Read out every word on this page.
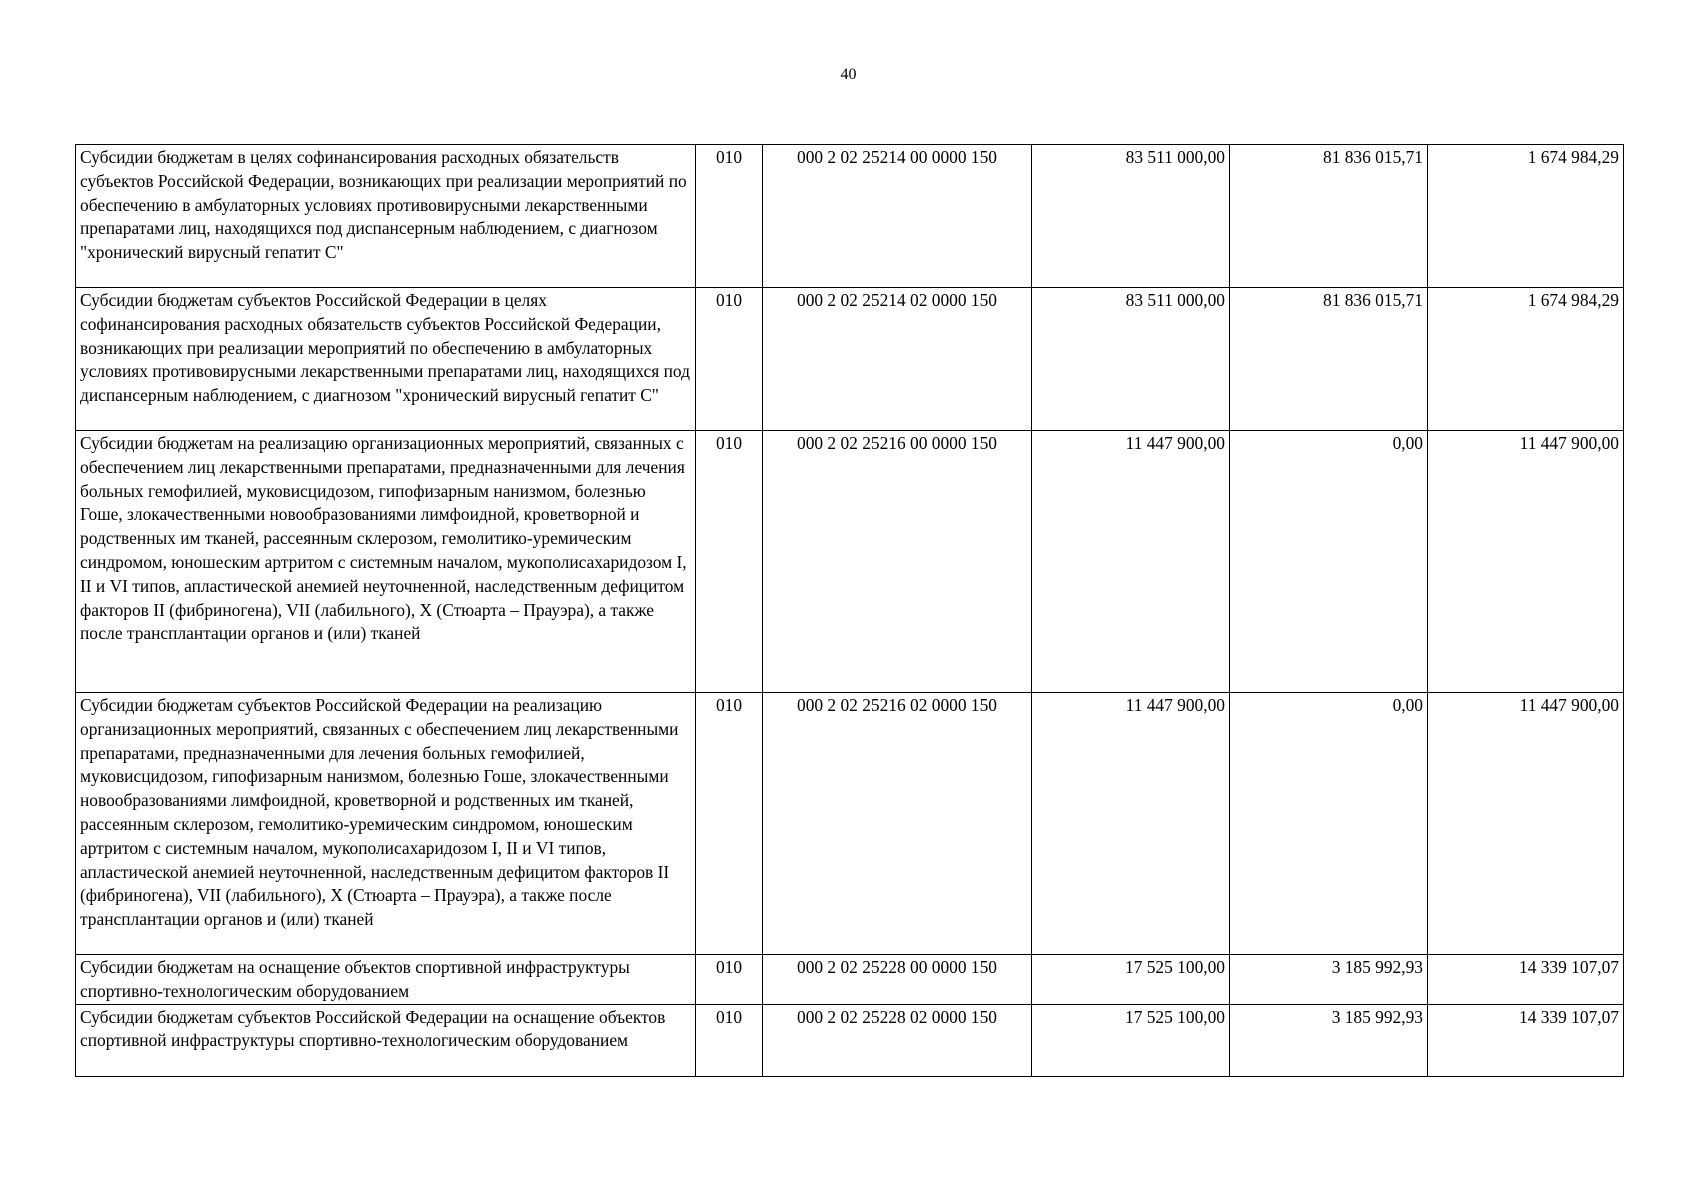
40
Субсидии бюджетам в целях софинансирования расходных обязательств субъектов Российской Федерации, возникающих при реализации мероприятий по обеспечению в амбулаторных условиях противовирусными лекарственными препаратами лиц, находящихся под диспансерным наблюдением, с диагнозом "хронический вирусный гепатит С"	010	000 2 02 25214 00 0000 150	83 511 000,00	81 836 015,71	1 674 984,29
Субсидии бюджетам субъектов Российской Федерации в целях софинансирования расходных обязательств субъектов Российской Федерации, возникающих при реализации мероприятий по обеспечению в амбулаторных условиях противовирусными лекарственными препаратами лиц, находящихся под диспансерным наблюдением, с диагнозом "хронический вирусный гепатит С"	010	000 2 02 25214 02 0000 150	83 511 000,00	81 836 015,71	1 674 984,29
Субсидии бюджетам на реализацию организационных мероприятий, связанных с обеспечением лиц лекарственными препаратами, предназначенными для лечения больных гемофилией, муковисцидозом, гипофизарным нанизмом, болезнью Гоше, злокачественными новообразованиями лимфоидной, кроветворной и родственных им тканей, рассеянным склерозом, гемолитико-уремическим синдромом, юношеским артритом с системным началом, мукополисахаридозом I, II и VI типов, апластической анемией неуточненной, наследственным дефицитом факторов II (фибриногена), VII (лабильного), X (Стюарта – Прауэра), а также после трансплантации органов и (или) тканей	010	000 2 02 25216 00 0000 150	11 447 900,00	0,00	11 447 900,00
Субсидии бюджетам субъектов Российской Федерации на реализацию организационных мероприятий, связанных с обеспечением лиц лекарственными препаратами, предназначенными для лечения больных гемофилией, муковисцидозом, гипофизарным нанизмом, болезнью Гоше, злокачественными новообразованиями лимфоидной, кроветворной и родственных им тканей, рассеянным склерозом, гемолитико-уремическим синдромом, юношеским артритом с системным началом, мукополисахаридозом I, II и VI типов, апластической анемией неуточненной, наследственным дефицитом факторов II (фибриногена), VII (лабильного), X (Стюарта – Прауэра), а также после трансплантации органов и (или) тканей	010	000 2 02 25216 02 0000 150	11 447 900,00	0,00	11 447 900,00
Субсидии бюджетам на оснащение объектов спортивной инфраструктуры спортивно-технологическим оборудованием	010	000 2 02 25228 00 0000 150	17 525 100,00	3 185 992,93	14 339 107,07
Субсидии бюджетам субъектов Российской Федерации на оснащение объектов спортивной инфраструктуры спортивно-технологическим оборудованием	010	000 2 02 25228 02 0000 150	17 525 100,00	3 185 992,93	14 339 107,07
